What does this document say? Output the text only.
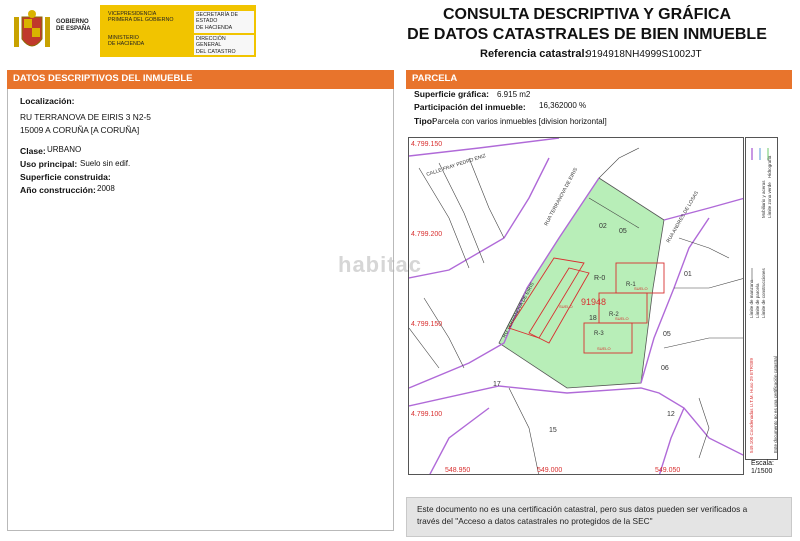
GOBIERNO
DE ESPAÑA
VICEPRESIDENCIA
PRIMERA DEL GOBIERNO
MINISTERIO
DE HACIENDA
SECRETARÍA DE ESTADO
DE HACIENDA
DIRECCIÓN GENERAL
DEL CATASTRO
CONSULTA DESCRIPTIVA Y GRÁFICA
DE DATOS CATASTRALES DE BIEN INMUEBLE
Referencia catastral:
9194918NH4999S1002JT
DATOS DESCRIPTIVOS DEL INMUEBLE
Localización:
RU TERRANOVA DE EIRIS 3 N2-5
15009 A CORUÑA [A CORUÑA]
Clase: URBANO
Uso principal: Suelo sin edif.
Superficie construida:
Año construcción: 2008
PARCELA
Superficie gráfica: 6.915 m2
Participación del inmueble: 16,362000 %
Tipo:
Parcela con varios inmuebles [division horizontal]
4.799.150
4.799.200
4.799.150
4.799.100
548.950	549.000	549.050
91948
02
05
01
R-0
R-1
R-2
R-3
18
05
06
17
15
12
CALLE FRAY PEDRO ENIZ
RUA TERRANOVA DE EIRIS
RU TERRANOVA DE EIRIS
RUA ANDRES DE LOSAS
SUELO
SUELO
SUELO
SUELO
habitac
Límite de manzana Límite de parcela Límite de construcciones
Mobiliario y aceras Límite zona verde
Hidrografía
Este documento no es una certificación catastral
549.100 Coordenadas U.T.M. Huso 29 ETRS89
Escala:
1/1500
Este documento no es una certificación catastral, pero sus datos pueden ser verificados a
través del "Acceso a datos catastrales no protegidos de la SEC"
